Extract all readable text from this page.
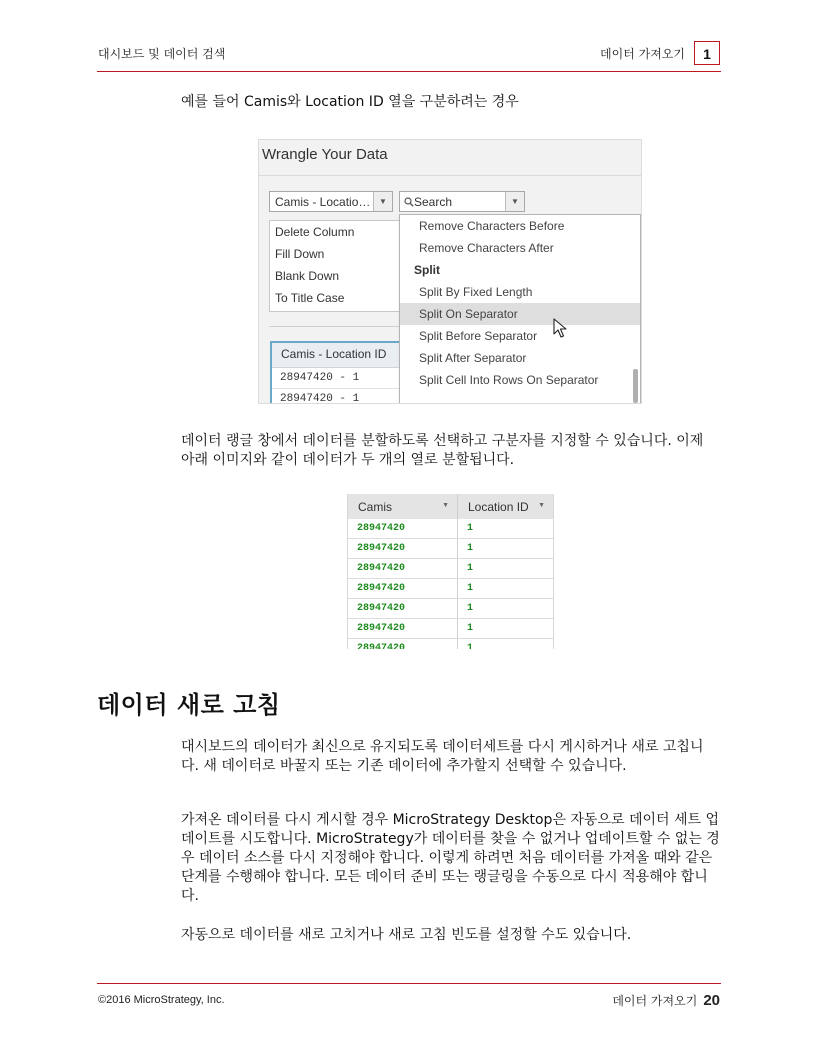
대시보드 및 데이터 검색	데이터 가져오기	1
예를 들어 Camis와 Location ID 열을 구분하려는 경우
Wrangle Your Data
Camis - Locatio…	▼	Search	▼
Delete Column
Fill Down
Blank Down
To Title Case
Camis - Location ID
28947420 - 1
28947420 - 1
Remove Characters Before
Remove Characters After
Split
Split By Fixed Length
Split On Separator
Split Before Separator
Split After Separator
Split Cell Into Rows On Separator
데이터 랭글 창에서 데이터를 분할하도록 선택하고 구분자를 지정할 수 있습니다. 이제 아래 이미지와 같이 데이터가 두 개의 열로 분할됩니다.
Camis ▼	Location ID ▼

28947420	1
28947420	1
28947420	1
28947420	1
28947420	1
28947420	1
28947420	1
데이터 새로 고침
대시보드의 데이터가 최신으로 유지되도록 데이터세트를 다시 게시하거나 새로 고칩니다. 새 데이터로 바꿀지 또는 기존 데이터에 추가할지 선택할 수 있습니다.
가져온 데이터를 다시 게시할 경우 MicroStrategy Desktop은 자동으로 데이터 세트 업데이트를 시도합니다. MicroStrategy가 데이터를 찾을 수 없거나 업데이트할 수 없는 경우 데이터 소스를 다시 지정해야 합니다. 이렇게 하려면 처음 데이터를 가져올 때와 같은 단계를 수행해야 합니다. 모든 데이터 준비 또는 랭글링을 수동으로 다시 적용해야 합니다.
자동으로 데이터를 새로 고치거나 새로 고침 빈도를 설정할 수도 있습니다.
©2016 MicroStrategy, Inc.	데이터 가져오기 20
